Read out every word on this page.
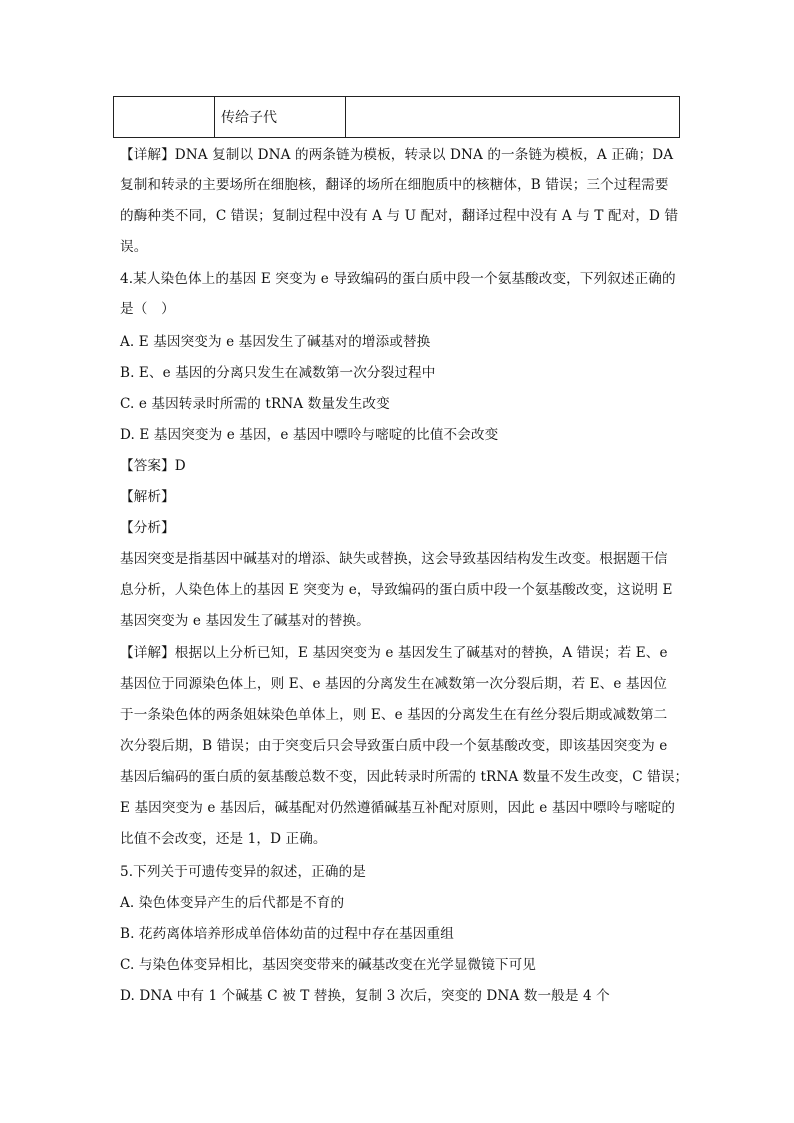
	传给子代	
【详解】DNA 复制以 DNA 的两条链为模板，转录以 DNA 的一条链为模板，A 正确；DA
复制和转录的主要场所在细胞核，翻译的场所在细胞质中的核糖体，B 错误；三个过程需要
的酶种类不同，C 错误；复制过程中没有 A 与 U 配对，翻译过程中没有 A 与 T 配对，D 错
误。
4.某人染色体上的基因 E 突变为 e 导致编码的蛋白质中段一个氨基酸改变，下列叙述正确的
是（　）
A. E 基因突变为 e 基因发生了碱基对的增添或替换
B. E、e 基因的分离只发生在减数第一次分裂过程中
C. e 基因转录时所需的 tRNA 数量发生改变
D. E 基因突变为 e 基因，e 基因中嘌呤与嘧啶的比值不会改变
【答案】D
【解析】
【分析】
基因突变是指基因中碱基对的增添、缺失或替换，这会导致基因结构发生改变。根据题干信
息分析，人染色体上的基因 E 突变为 e，导致编码的蛋白质中段一个氨基酸改变，这说明 E
基因突变为 e 基因发生了碱基对的替换。
【详解】根据以上分析已知，E 基因突变为 e 基因发生了碱基对的替换，A 错误；若 E、e
基因位于同源染色体上，则 E、e 基因的分离发生在减数第一次分裂后期，若 E、e 基因位
于一条染色体的两条姐妹染色单体上，则 E、e 基因的分离发生在有丝分裂后期或减数第二
次分裂后期，B 错误；由于突变后只会导致蛋白质中段一个氨基酸改变，即该基因突变为 e
基因后编码的蛋白质的氨基酸总数不变，因此转录时所需的 tRNA 数量不发生改变，C 错误；
E 基因突变为 e 基因后，碱基配对仍然遵循碱基互补配对原则，因此 e 基因中嘌呤与嘧啶的
比值不会改变，还是 1，D 正确。
5.下列关于可遗传变异的叙述，正确的是
A. 染色体变异产生的后代都是不育的
B. 花药离体培养形成单倍体幼苗的过程中存在基因重组
C. 与染色体变异相比，基因突变带来的碱基改变在光学显微镜下可见
D. DNA 中有 1 个碱基 C 被 T 替换，复制 3 次后，突变的 DNA 数一般是 4 个
